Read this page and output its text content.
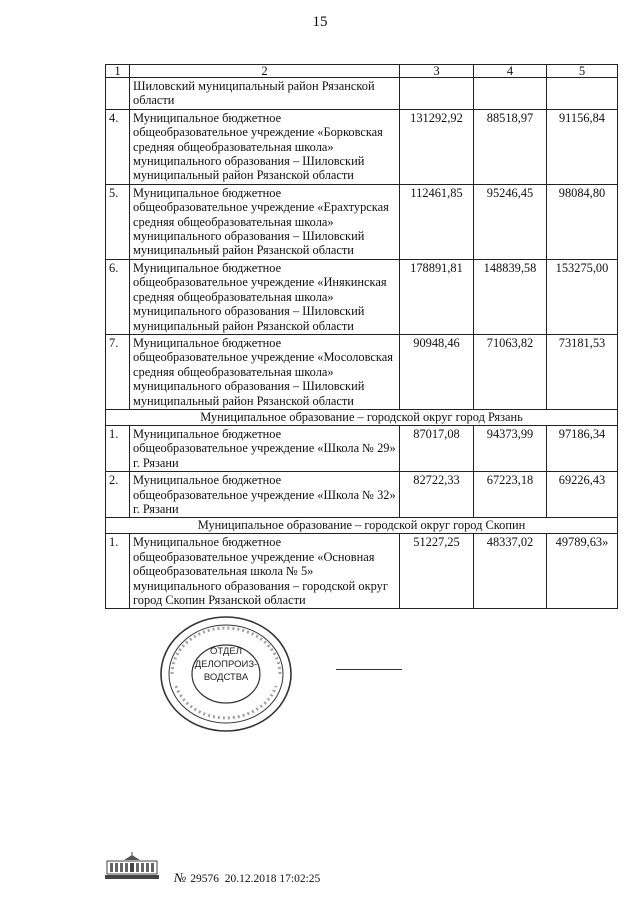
15
1	2	3	4	5
	Шиловский муниципальный район Рязанской области			
4.	Муниципальное бюджетное общеобразовательное учреждение «Борковская средняя общеобразовательная школа» муниципального образования – Шиловский муниципальный район Рязанской области	131292,92	88518,97	91156,84
5.	Муниципальное бюджетное общеобразовательное учреждение «Ерахтурская средняя общеобразовательная школа» муниципального образования – Шиловский муниципальный район Рязанской области	112461,85	95246,45	98084,80
6.	Муниципальное бюджетное общеобразовательное учреждение «Инякинская средняя общеобразовательная школа» муниципального образования – Шиловский муниципальный район Рязанской области	178891,81	148839,58	153275,00
7.	Муниципальное бюджетное общеобразовательное учреждение «Мосоловская средняя общеобразовательная школа» муниципального образования – Шиловский муниципальный район Рязанской области	90948,46	71063,82	73181,53
Муниципальное образование – городской округ город Рязань				
1.	Муниципальное бюджетное общеобразовательное учреждение «Школа № 29» г. Рязани	87017,08	94373,99	97186,34
2.	Муниципальное бюджетное общеобразовательное учреждение «Школа № 32» г. Рязани	82722,33	67223,18	69226,43
Муниципальное образование – городской округ город Скопин				
1.	Муниципальное бюджетное общеобразовательное учреждение «Основная общеобразовательная школа № 5» муниципального образования – городской округ город Скопин Рязанской области	51227,25	48337,02	49789,63»
ОТДЕЛ
ДЕЛОПРОИЗ-
ВОДСТВА
№ 29576 20.12.2018 17:02:25
